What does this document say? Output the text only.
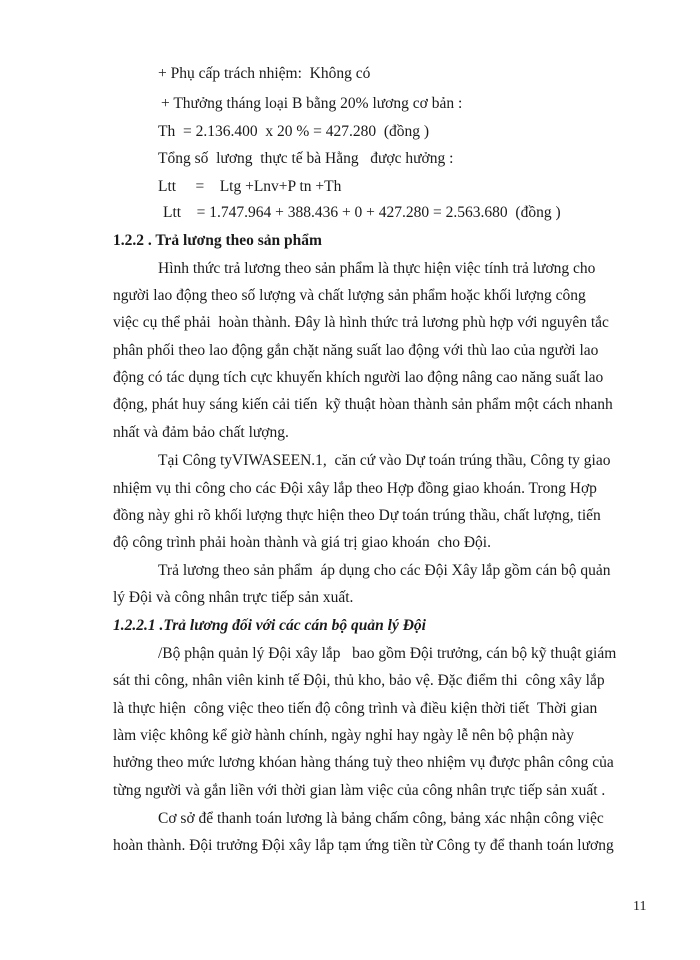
+ Phụ cấp trách nhiệm:  Không có
+ Thưởng tháng loại B bằng 20% lương cơ bản :
Th  = 2.136.400  x 20 % = 427.280  (đồng )
Tổng số  lương  thực tế bà Hằng   được hưởng :
Ltt     =    Ltg +Lnv+P tn +Th
Ltt    = 1.747.964 + 388.436 + 0 + 427.280 = 2.563.680  (đồng )
1.2.2 . Trả lương theo sản phẩm
Hình thức trả lương theo sản phẩm là thực hiện việc tính trả lương cho
người lao động theo số lượng và chất lượng sản phẩm hoặc khối lượng công
việc cụ thể phải  hoàn thành. Đây là hình thức trả lương phù hợp với nguyên tắc
phân phối theo lao động gắn chặt năng suất lao động với thù lao của người lao
động có tác dụng tích cực khuyến khích người lao động nâng cao năng suất lao
động, phát huy sáng kiến cải tiến  kỹ thuật hòan thành sản phẩm một cách nhanh
nhất và đảm bảo chất lượng.
Tại Công tyVIWASEEN.1,  căn cứ vào Dự toán trúng thầu, Công ty giao
nhiệm vụ thi công cho các Đội xây lắp theo Hợp đồng giao khoán. Trong Hợp
đồng này ghi rõ khối lượng thực hiện theo Dự toán trúng thầu, chất lượng, tiến
độ công trình phải hoàn thành và giá trị giao khoán  cho Đội.
Trả lương theo sản phẩm  áp dụng cho các Đội Xây lắp gồm cán bộ quản
lý Đội và công nhân trực tiếp sản xuất.
1.2.2.1 .Trả lương đối với các cán bộ quản lý Đội
/Bộ phận quản lý Đội xây lắp   bao gồm Đội trưởng, cán bộ kỹ thuật giám
sát thi công, nhân viên kinh tế Đội, thủ kho, bảo vệ. Đặc điểm thi  công xây lắp
là thực hiện  công việc theo tiến độ công trình và điều kiện thời tiết  Thời gian
làm việc không kể giờ hành chính, ngày nghỉ hay ngày lễ nên bộ phận này
hưởng theo mức lương khóan hàng tháng tuỳ theo nhiệm vụ được phân công của
từng người và gắn liền với thời gian làm việc của công nhân trực tiếp sản xuất .
Cơ sở để thanh toán lương là bảng chấm công, bảng xác nhận công việc
hoàn thành. Đội trưởng Đội xây lắp tạm ứng tiền từ Công ty để thanh toán lương
11
